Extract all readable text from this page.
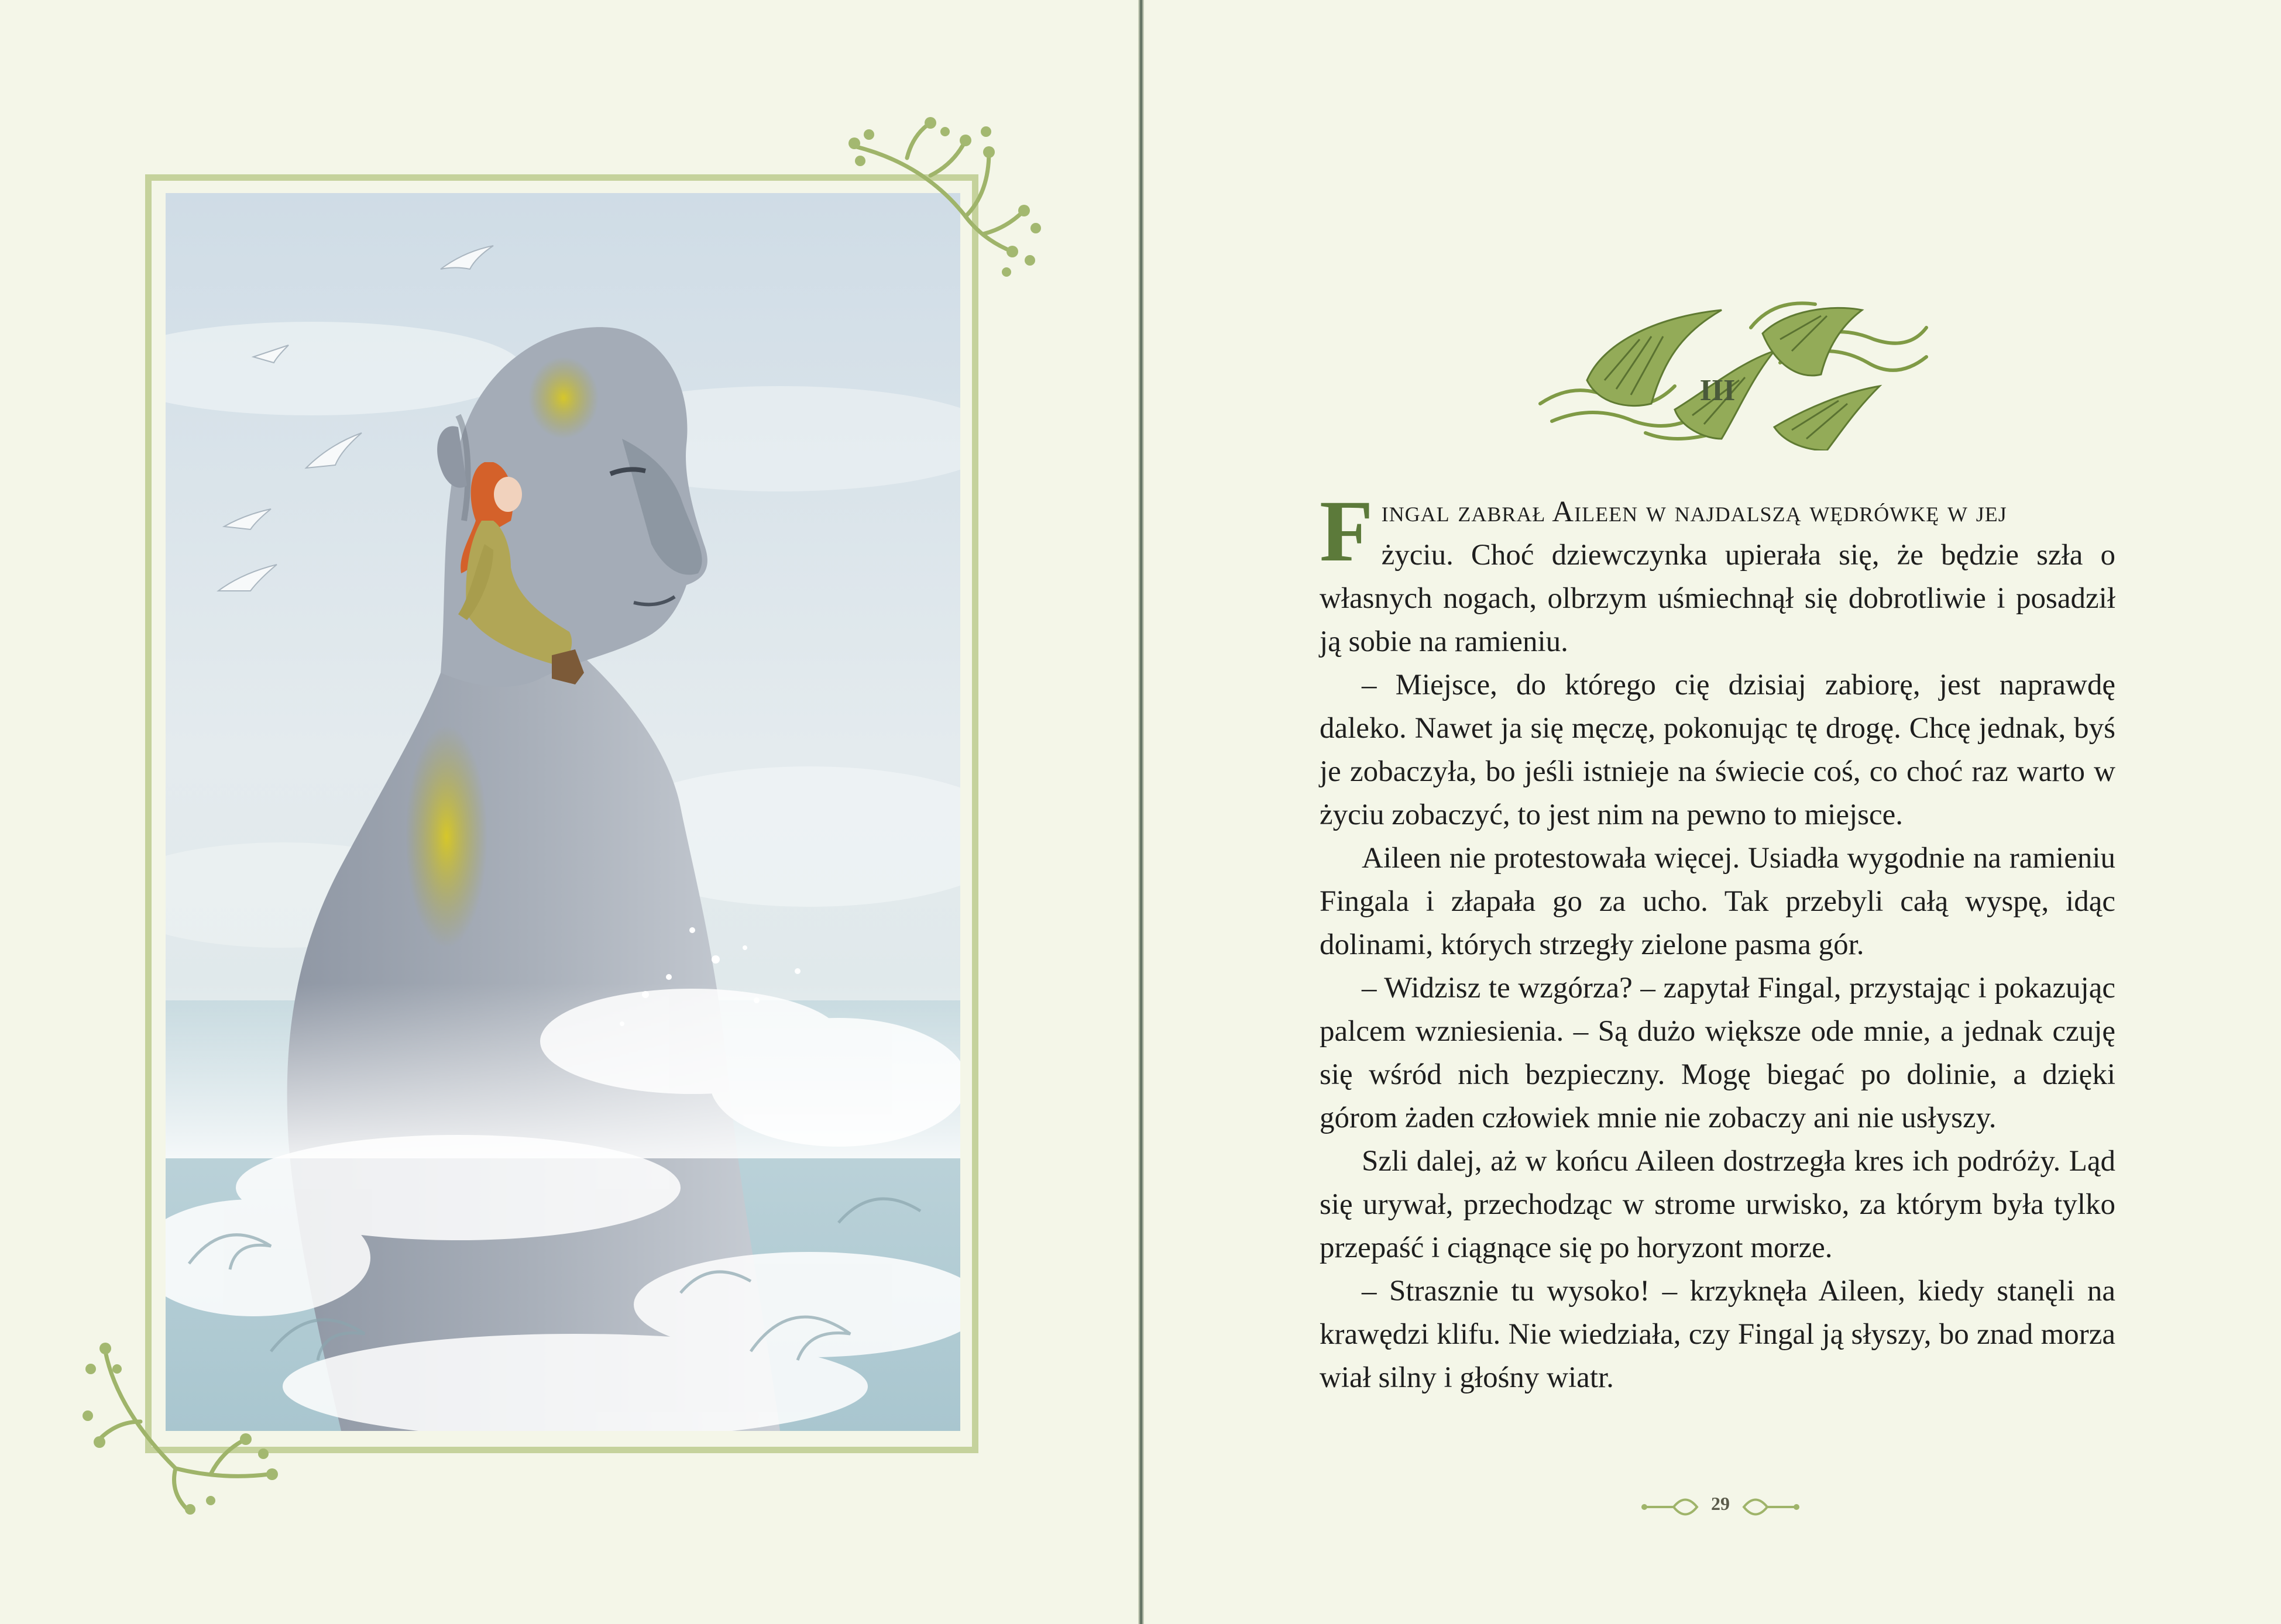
III

Fingal zabrał Aileen w najdalszą wędrówkę w jej
życiu. Choć dziewczynka upierała się, że będzie szła o własnych nogach, olbrzym uśmiechnął się dobrotliwie i posadził ją sobie na ramieniu.

– Miejsce, do którego cię dzisiaj zabiorę, jest naprawdę daleko. Nawet ja się męczę, pokonując tę drogę. Chcę jednak, byś je zobaczyła, bo jeśli istnieje na świecie coś, co choć raz warto w życiu zobaczyć, to jest nim na pewno to miejsce.

Aileen nie protestowała więcej. Usiadła wygodnie na ramieniu Fingala i złapała go za ucho. Tak przebyli całą wyspę, idąc dolinami, których strzegły zielone pasma gór.

– Widzisz te wzgórza? – zapytał Fingal, przystając i pokazując palcem wzniesienia. – Są dużo większe ode mnie, a jednak czuję się wśród nich bezpieczny. Mogę biegać po dolinie, a dzięki górom żaden człowiek mnie nie zobaczy ani nie usłyszy.

Szli dalej, aż w końcu Aileen dostrzegła kres ich podróży. Ląd się urywał, przechodząc w strome urwisko, za którym była tylko przepaść i ciągnące się po horyzont morze.

– Strasznie tu wysoko! – krzyknęła Aileen, kiedy stanęli na krawędzi klifu. Nie wiedziała, czy Fingal ją słyszy, bo znad morza wiał silny i głośny wiatr.

29
